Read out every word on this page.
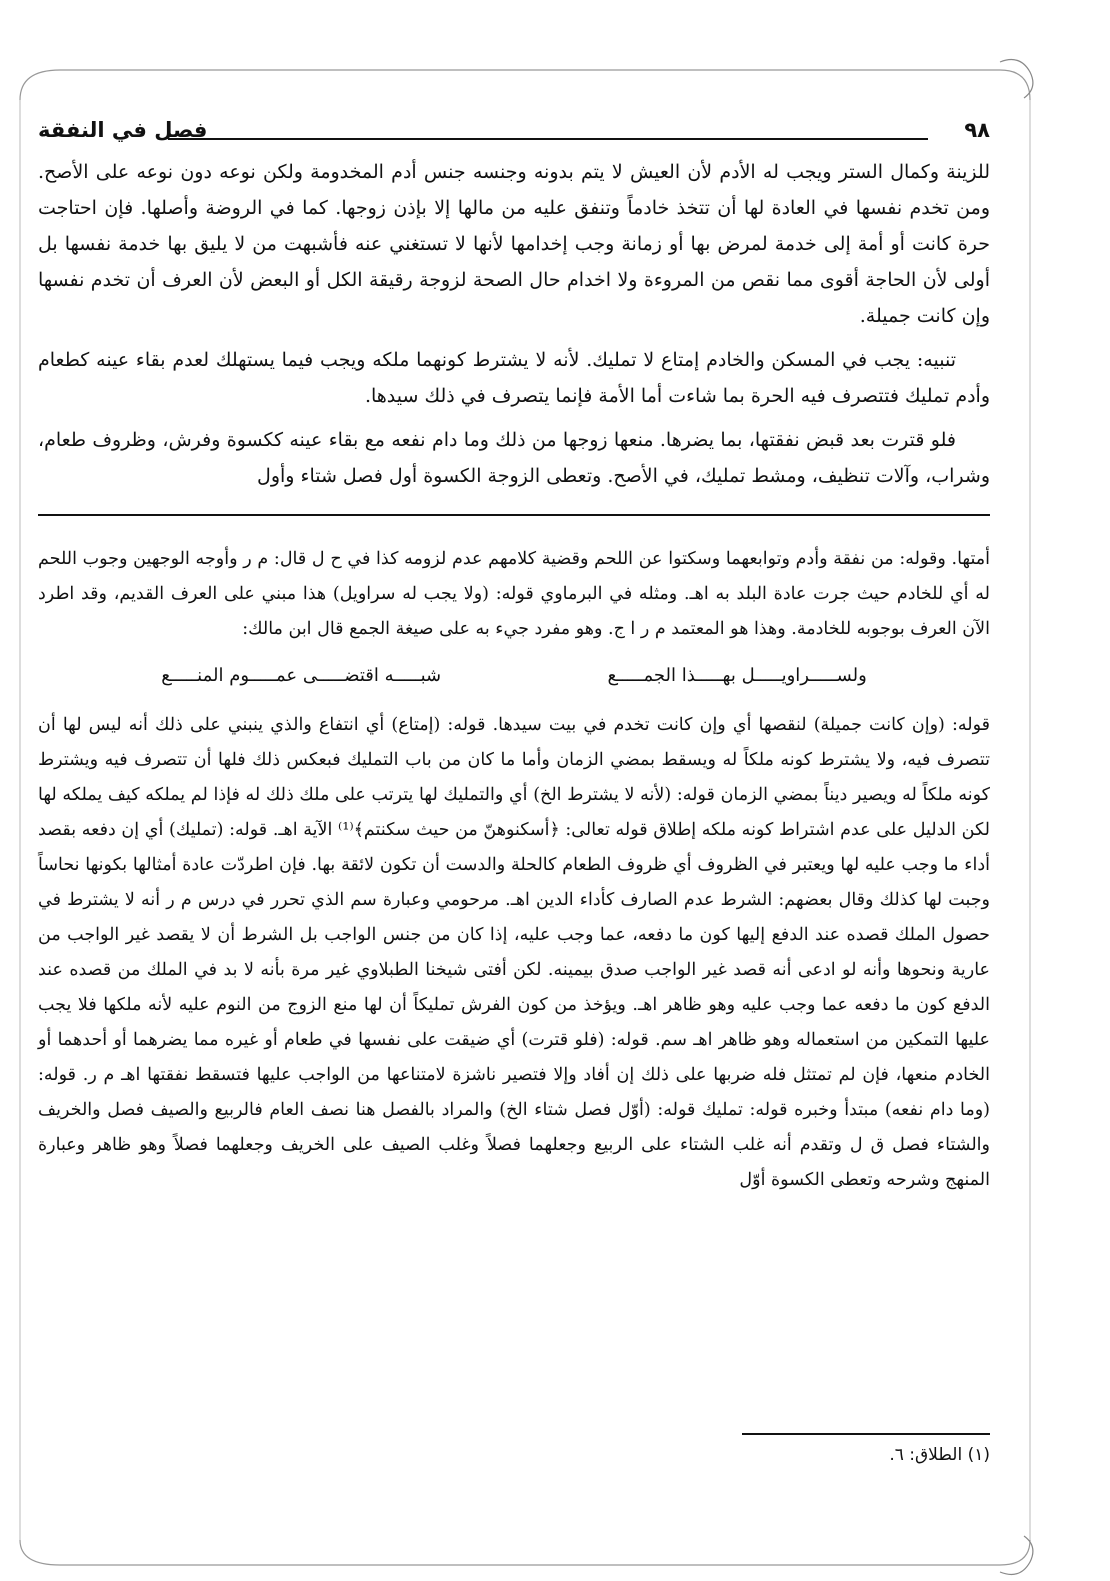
٩٨
فصل في النفقة

للزينة وكمال الستر ويجب له الأدم لأن العيش لا يتم بدونه وجنسه جنس أدم المخدومة ولكن نوعه دون نوعه على الأصح. ومن تخدم نفسها في العادة لها أن تتخذ خادماً وتنفق عليه من مالها إلا بإذن زوجها. كما في الروضة وأصلها. فإن احتاجت حرة كانت أو أمة إلى خدمة لمرض بها أو زمانة وجب إخدامها لأنها لا تستغني عنه فأشبهت من لا يليق بها خدمة نفسها بل أولى لأن الحاجة أقوى مما نقص من المروءة ولا اخدام حال الصحة لزوجة رقيقة الكل أو البعض لأن العرف أن تخدم نفسها وإن كانت جميلة.

تنبيه: يجب في المسكن والخادم إمتاع لا تمليك. لأنه لا يشترط كونهما ملكه ويجب فيما يستهلك لعدم بقاء عينه كطعام وأدم تمليك فتتصرف فيه الحرة بما شاءت أما الأمة فإنما يتصرف في ذلك سيدها.

فلو قترت بعد قبض نفقتها، بما يضرها. منعها زوجها من ذلك وما دام نفعه مع بقاء عينه ككسوة وفرش، وظروف طعام، وشراب، وآلات تنظيف، ومشط تمليك، في الأصح. وتعطى الزوجة الكسوة أول فصل شتاء وأول

أمتها. وقوله: من نفقة وأدم وتوابعهما وسكتوا عن اللحم وقضية كلامهم عدم لزومه كذا في ح ل قال: م ر وأوجه الوجهين وجوب اللحم له أي للخادم حيث جرت عادة البلد به اهـ. ومثله في البرماوي قوله: (ولا يجب له سراويل) هذا مبني على العرف القديم، وقد اطرد الآن العرف بوجوبه للخادمة. وهذا هو المعتمد م ر ا ج. وهو مفرد جيء به على صيغة الجمع قال ابن مالك:

ولســـــراويـــــل بهـــــذا الجمـــــع
شبـــــه اقتضـــــى عمـــــوم المنـــــع

قوله: (وإن كانت جميلة) لنقصها أي وإن كانت تخدم في بيت سيدها. قوله: (إمتاع) أي انتفاع والذي ينبني على ذلك أنه ليس لها أن تتصرف فيه، ولا يشترط كونه ملكاً له ويسقط بمضي الزمان وأما ما كان من باب التمليك فبعكس ذلك فلها أن تتصرف فيه ويشترط كونه ملكاً له ويصير ديناً بمضي الزمان قوله: (لأنه لا يشترط الخ) أي والتمليك لها يترتب على ملك ذلك له فإذا لم يملكه كيف يملكه لها لكن الدليل على عدم اشتراط كونه ملكه إطلاق قوله تعالى: ﴿أسكنوهنّ من حيث سكنتم﴾⁽¹⁾ الآية اهـ. قوله: (تمليك) أي إن دفعه بقصد أداء ما وجب عليه لها ويعتبر في الظروف أي ظروف الطعام كالحلة والدست أن تكون لائقة بها. فإن اطردّت عادة أمثالها بكونها نحاساً وجبت لها كذلك وقال بعضهم: الشرط عدم الصارف كأداء الدين اهـ. مرحومي وعبارة سم الذي تحرر في درس م ر أنه لا يشترط في حصول الملك قصده عند الدفع إليها كون ما دفعه، عما وجب عليه، إذا كان من جنس الواجب بل الشرط أن لا يقصد غير الواجب من عارية ونحوها وأنه لو ادعى أنه قصد غير الواجب صدق بيمينه. لكن أفتى شيخنا الطبلاوي غير مرة بأنه لا بد في الملك من قصده عند الدفع كون ما دفعه عما وجب عليه وهو ظاهر اهـ. ويؤخذ من كون الفرش تمليكاً أن لها منع الزوج من النوم عليه لأنه ملكها فلا يجب عليها التمكين من استعماله وهو ظاهر اهـ سم. قوله: (فلو قترت) أي ضيقت على نفسها في طعام أو غيره مما يضرهما أو أحدهما أو الخادم منعها، فإن لم تمتثل فله ضربها على ذلك إن أفاد وإلا فتصير ناشزة لامتناعها من الواجب عليها فتسقط نفقتها اهـ م ر. قوله: (وما دام نفعه) مبتدأ وخبره قوله: تمليك قوله: (أوّل فصل شتاء الخ) والمراد بالفصل هنا نصف العام فالربيع والصيف فصل والخريف والشتاء فصل ق ل وتقدم أنه غلب الشتاء على الربيع وجعلهما فصلاً وغلب الصيف على الخريف وجعلهما فصلاً وهو ظاهر وعبارة المنهج وشرحه وتعطى الكسوة أوّل

(١) الطلاق: ٦.
